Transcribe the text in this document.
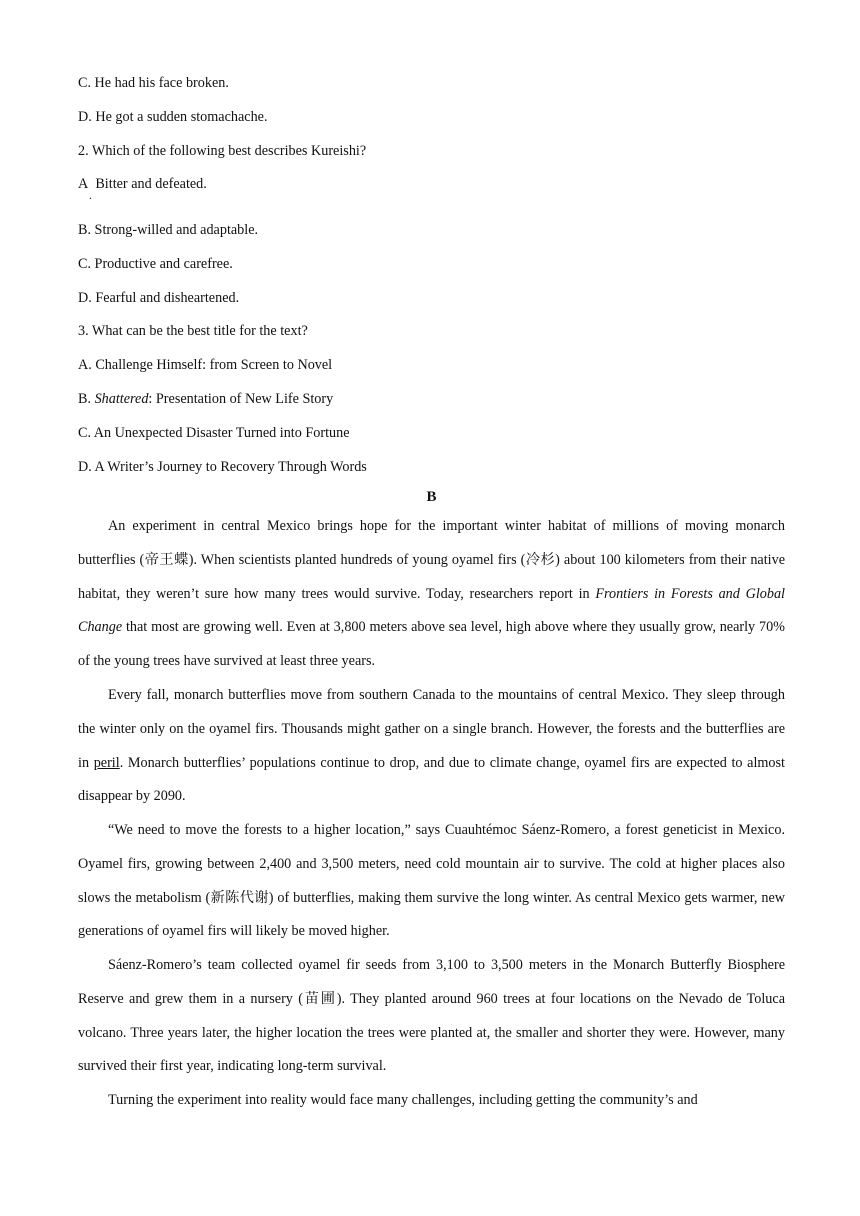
C. He had his face broken.
D. He got a sudden stomachache.
2. Which of the following best describes Kureishi?
A Bitter and defeated.
.
B. Strong-willed and adaptable.
C. Productive and carefree.
D. Fearful and disheartened.
3. What can be the best title for the text?
A. Challenge Himself: from Screen to Novel
B. Shattered: Presentation of New Life Story
C. An Unexpected Disaster Turned into Fortune
D. A Writer’s Journey to Recovery Through Words
B
An experiment in central Mexico brings hope for the important winter habitat of millions of moving monarch butterflies (帝王蝶). When scientists planted hundreds of young oyamel firs (冷杉) about 100 kilometers from their native habitat, they weren’t sure how many trees would survive. Today, researchers report in Frontiers in Forests and Global Change that most are growing well. Even at 3,800 meters above sea level, high above where they usually grow, nearly 70% of the young trees have survived at least three years.
Every fall, monarch butterflies move from southern Canada to the mountains of central Mexico. They sleep through the winter only on the oyamel firs. Thousands might gather on a single branch. However, the forests and the butterflies are in peril. Monarch butterflies’ populations continue to drop, and due to climate change, oyamel firs are expected to almost disappear by 2090.
“We need to move the forests to a higher location,” says Cuauhtémoc Sáenz-Romero, a forest geneticist in Mexico. Oyamel firs, growing between 2,400 and 3,500 meters, need cold mountain air to survive. The cold at higher places also slows the metabolism (新陈代谢) of butterflies, making them survive the long winter. As central Mexico gets warmer, new generations of oyamel firs will likely be moved higher.
Sáenz-Romero’s team collected oyamel fir seeds from 3,100 to 3,500 meters in the Monarch Butterfly Biosphere Reserve and grew them in a nursery (苗圃). They planted around 960 trees at four locations on the Nevado de Toluca volcano. Three years later, the higher location the trees were planted at, the smaller and shorter they were. However, many survived their first year, indicating long-term survival.
Turning the experiment into reality would face many challenges, including getting the community’s and
